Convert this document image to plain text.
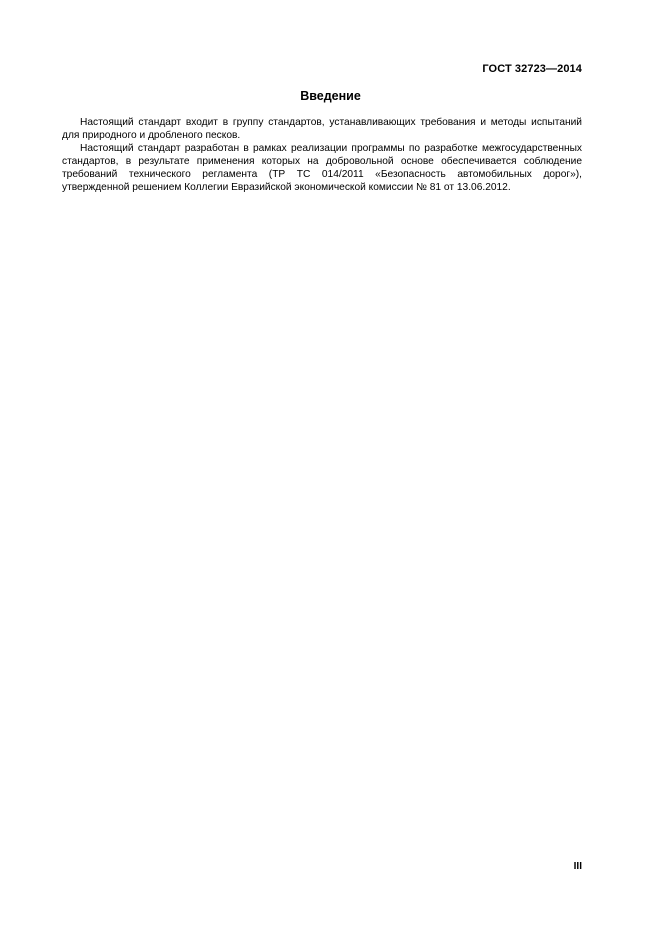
ГОСТ 32723—2014
Введение

Настоящий стандарт входит в группу стандартов, устанавливающих требования и методы испытаний для природного и дробленого песков.

Настоящий стандарт разработан в рамках реализации программы по разработке межгосударственных стандартов, в результате применения которых на добровольной основе обеспечивается соблюдение требований технического регламента (ТР ТС 014/2011 «Безопасность автомобильных дорог»), утвержденной решением Коллегии Евразийской экономической комиссии № 81 от 13.06.2012.

III
